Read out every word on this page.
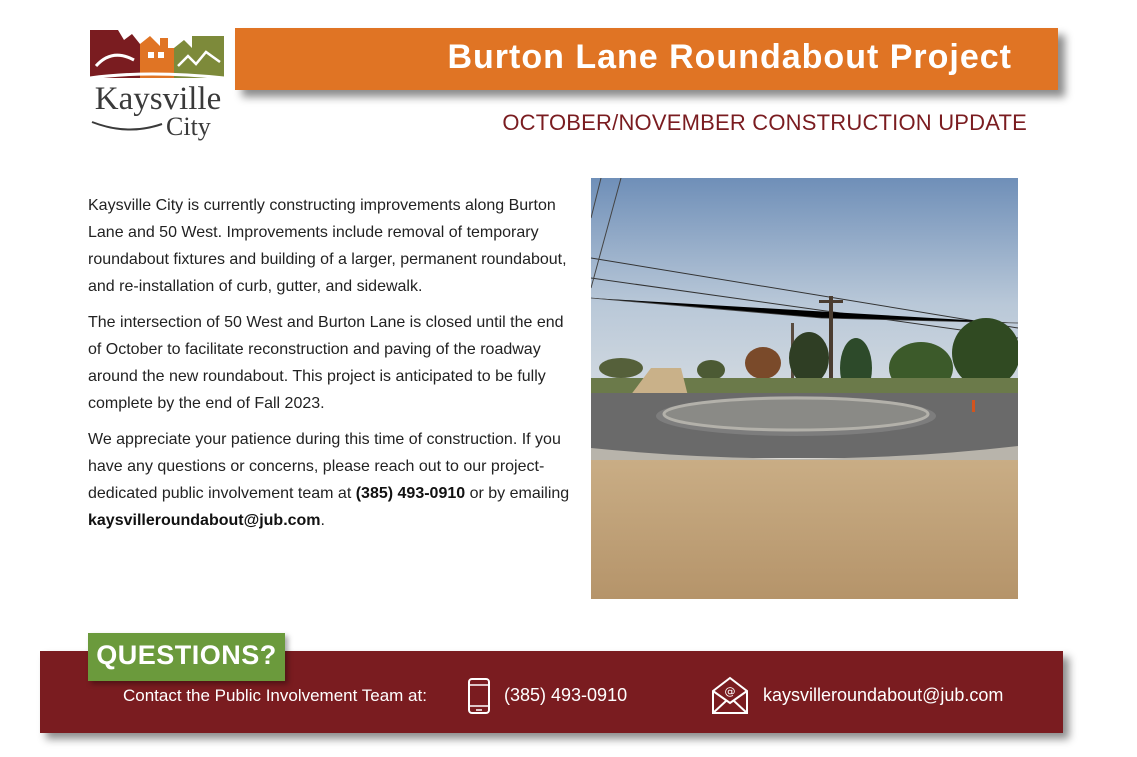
Kaysville
City
Burton Lane Roundabout Project
OCTOBER/NOVEMBER CONSTRUCTION UPDATE

Kaysville City is currently constructing improvements along Burton Lane and 50 West. Improvements include removal of temporary roundabout fixtures and building of a larger, permanent roundabout, and re-installation of curb, gutter, and sidewalk.

The intersection of 50 West and Burton Lane is closed until the end of October to facilitate reconstruction and paving of the roadway around the new roundabout. This project is anticipated to be fully complete by the end of Fall 2023.

We appreciate your patience during this time of construction. If you have any questions or concerns, please reach out to our project-dedicated public involvement team at (385) 493-0910 or by emailing kaysvilleroundabout@jub.com.

QUESTIONS?
Contact the Public Involvement Team at:	(385) 493-0910	@ kaysvilleroundabout@jub.com
